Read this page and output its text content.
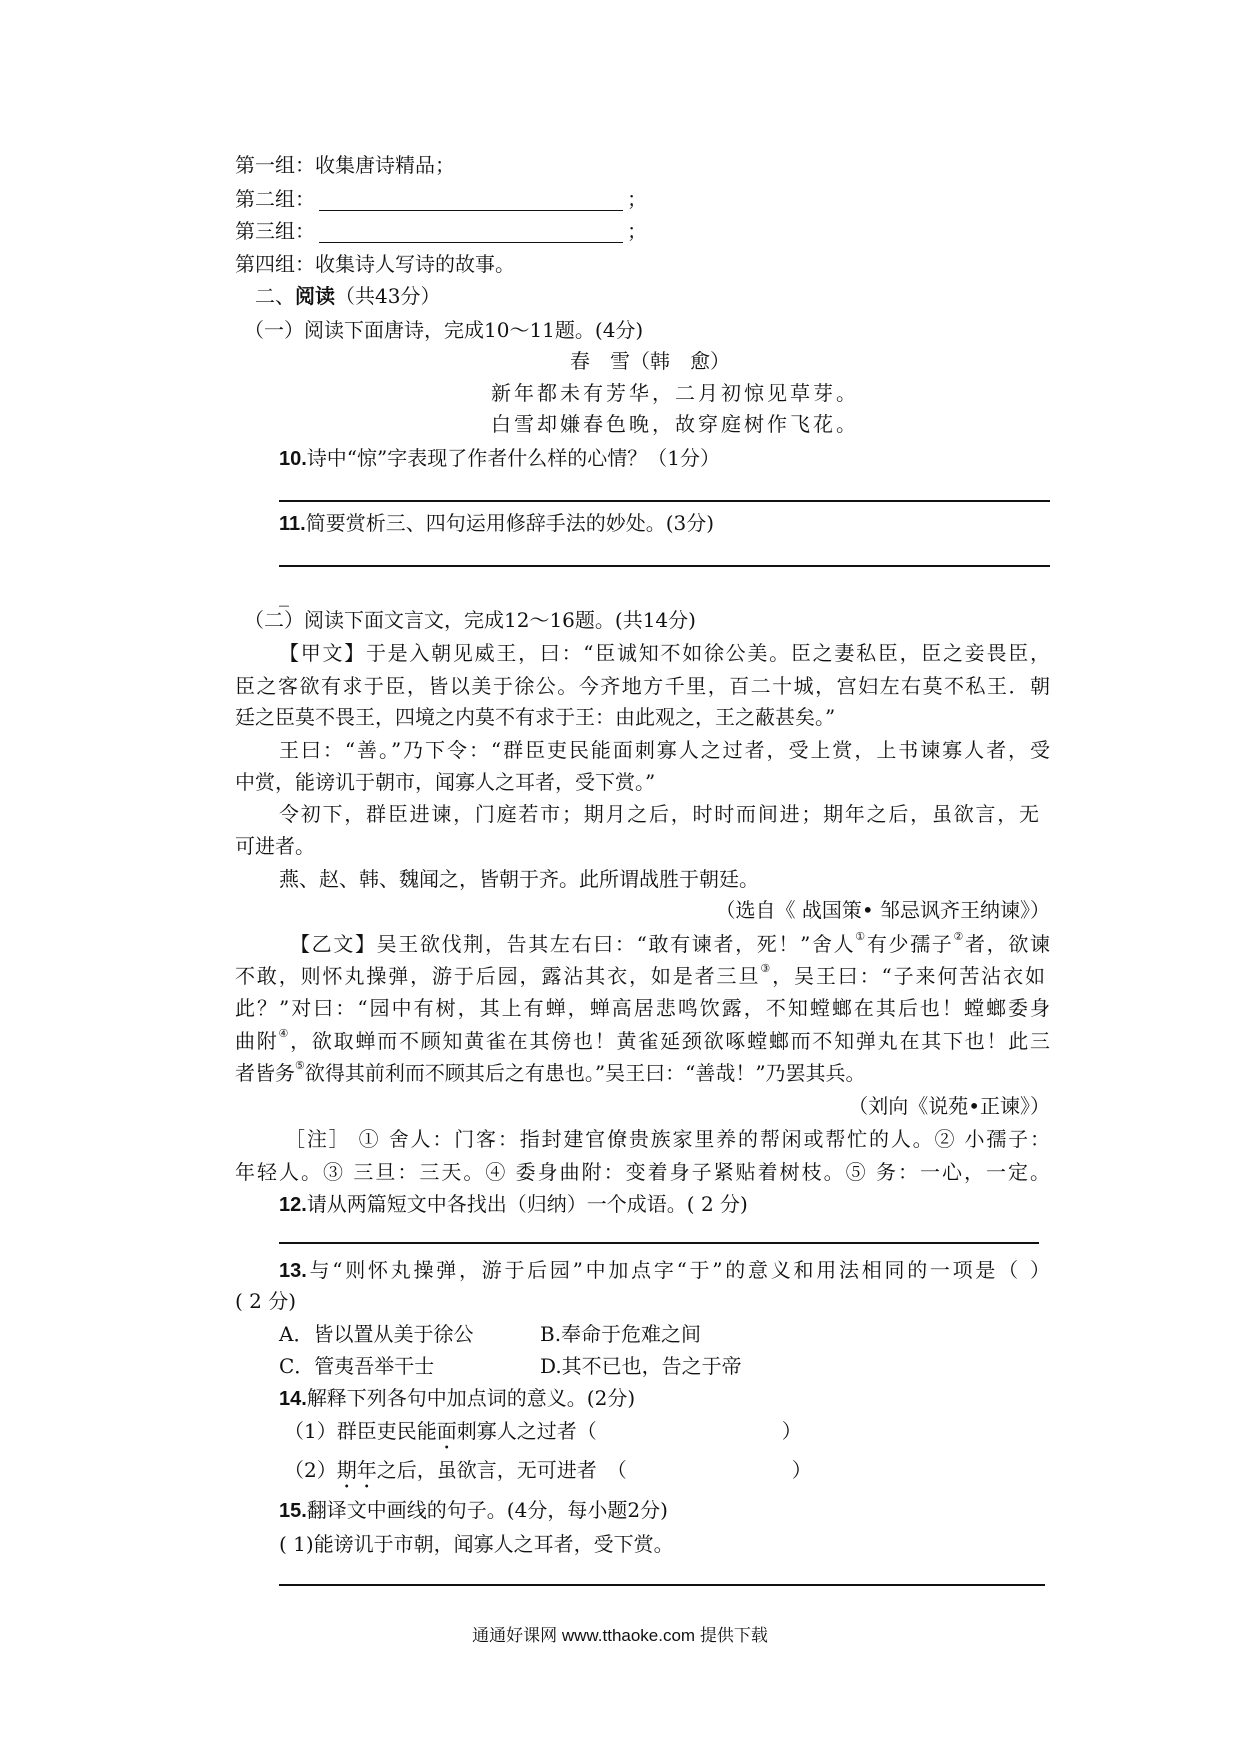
第一组：收集唐诗精品；
第二组：	；
第三组：	；
第四组：收集诗人写诗的故事。
二、阅读（共43分）
（一）阅读下面唐诗，完成10～11题。(4分)
春　雪（韩　愈）
新年都未有芳华，二月初惊见草芽。
白雪却嫌春色晚，故穿庭树作飞花。
10.诗中“惊”字表现了作者什么样的心情？（1分）
11.简要赏析三、四句运用修辞手法的妙处。(3分)
_
（二）阅读下面文言文，完成12～16题。(共14分)
【甲文】于是入朝见威王，曰：“臣诚知不如徐公美。臣之妻私臣，臣之妾畏臣，
臣之客欲有求于臣，皆以美于徐公。今齐地方千里，百二十城，宫妇左右莫不私王．朝
廷之臣莫不畏王，四境之内莫不有求于王：由此观之，王之蔽甚矣。”
王曰：“善。”乃下令：“群臣吏民能面刺寡人之过者，受上赏，上书谏寡人者，受
中赏，能谤讥于朝市，闻寡人之耳者，受下赏。”
令初下，群臣进谏，门庭若市；期月之后，时时而间进；期年之后，虽欲言，无
可进者。
燕、赵、韩、魏闻之，皆朝于齐。此所谓战胜于朝廷。
（选自《 战国策• 邹忌讽齐王纳谏》）
【乙文】吴王欲伐荆，告其左右曰：“敢有谏者，死！”舍人①有少孺子②者，欲谏
不敢，则怀丸操弹，游于后园，露沾其衣，如是者三旦③，吴王曰：“子来何苦沾衣如
此？”对曰：“园中有树，其上有蝉，蝉高居悲鸣饮露，不知螳螂在其后也！螳螂委身
曲附④，欲取蝉而不顾知黄雀在其傍也！黄雀延颈欲啄螳螂而不知弹丸在其下也！此三
者皆务⑤欲得其前利而不顾其后之有患也。”吴王曰：“善哉！”乃罢其兵。
（刘向《说苑•正谏》）
［注］ ① 舍人：门客：指封建官僚贵族家里养的帮闲或帮忙的人。② 小孺子：
年轻人。③ 三旦：三天。④ 委身曲附：变着身子紧贴着树枝。⑤ 务：一心，一定。
12.请从两篇短文中各找出（归纳）一个成语。( 2 分)
13.与“则怀丸操弹，游于后园”中加点字“于”的意义和用法相同的一项是（ ）
( 2 分)
A．皆以置从美于徐公	B.奉命于危难之间
C．管夷吾举干士	D.其不已也，告之于帝
14.解释下列各句中加点词的意义。(2分)
（1）群臣吏民能面刺寡人之过者（	）
（2）期年之后，虽欲言，无可进者　（	）
15.翻译文中画线的句子。(4分，每小题2分)
( 1)能谤讥于市朝，闻寡人之耳者，受下赏。
通通好课网 www.tthaoke.com 提供下载
